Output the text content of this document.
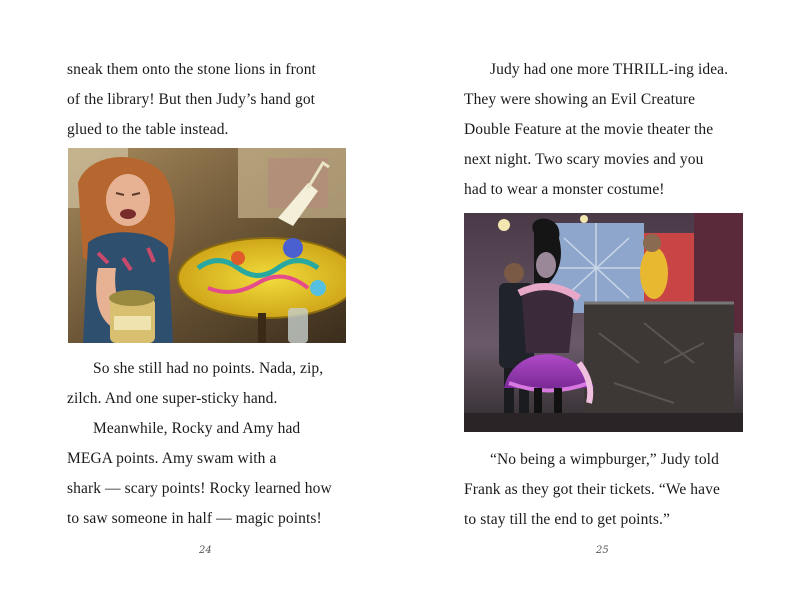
sneak them onto the stone lions in front
of the library! But then Judy’s hand got
glued to the table instead.
So she still had no points. Nada, zip,
zilch. And one super-sticky hand.
Meanwhile, Rocky and Amy had
MEGA points. Amy swam with a
shark — scary points! Rocky learned how
to saw someone in half — magic points!
24
Judy had one more THRILL-ing idea.
They were showing an Evil Creature
Double Feature at the movie theater the
next night. Two scary movies and you
had to wear a monster costume!
“No being a wimpburger,” Judy told
Frank as they got their tickets. “We have
to stay till the end to get points.”
25
